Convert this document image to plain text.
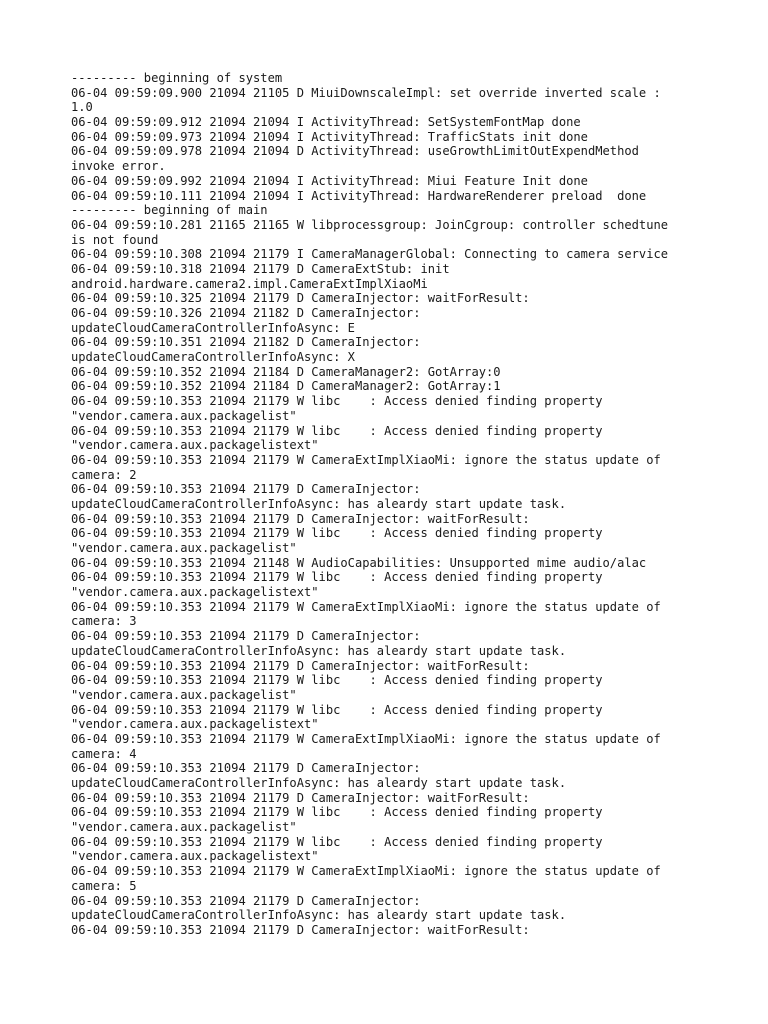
--------- beginning of system
06-04 09:59:09.900 21094 21105 D MiuiDownscaleImpl: set override inverted scale :
1.0
06-04 09:59:09.912 21094 21094 I ActivityThread: SetSystemFontMap done
06-04 09:59:09.973 21094 21094 I ActivityThread: TrafficStats init done
06-04 09:59:09.978 21094 21094 D ActivityThread: useGrowthLimitOutExpendMethod
invoke error.
06-04 09:59:09.992 21094 21094 I ActivityThread: Miui Feature Init done
06-04 09:59:10.111 21094 21094 I ActivityThread: HardwareRenderer preload  done
--------- beginning of main
06-04 09:59:10.281 21165 21165 W libprocessgroup: JoinCgroup: controller schedtune
is not found
06-04 09:59:10.308 21094 21179 I CameraManagerGlobal: Connecting to camera service
06-04 09:59:10.318 21094 21179 D CameraExtStub: init
android.hardware.camera2.impl.CameraExtImplXiaoMi
06-04 09:59:10.325 21094 21179 D CameraInjector: waitForResult:
06-04 09:59:10.326 21094 21182 D CameraInjector:
updateCloudCameraControllerInfoAsync: E
06-04 09:59:10.351 21094 21182 D CameraInjector:
updateCloudCameraControllerInfoAsync: X
06-04 09:59:10.352 21094 21184 D CameraManager2: GotArray:0
06-04 09:59:10.352 21094 21184 D CameraManager2: GotArray:1
06-04 09:59:10.353 21094 21179 W libc    : Access denied finding property
"vendor.camera.aux.packagelist"
06-04 09:59:10.353 21094 21179 W libc    : Access denied finding property
"vendor.camera.aux.packagelistext"
06-04 09:59:10.353 21094 21179 W CameraExtImplXiaoMi: ignore the status update of
camera: 2
06-04 09:59:10.353 21094 21179 D CameraInjector:
updateCloudCameraControllerInfoAsync: has aleardy start update task.
06-04 09:59:10.353 21094 21179 D CameraInjector: waitForResult:
06-04 09:59:10.353 21094 21179 W libc    : Access denied finding property
"vendor.camera.aux.packagelist"
06-04 09:59:10.353 21094 21148 W AudioCapabilities: Unsupported mime audio/alac
06-04 09:59:10.353 21094 21179 W libc    : Access denied finding property
"vendor.camera.aux.packagelistext"
06-04 09:59:10.353 21094 21179 W CameraExtImplXiaoMi: ignore the status update of
camera: 3
06-04 09:59:10.353 21094 21179 D CameraInjector:
updateCloudCameraControllerInfoAsync: has aleardy start update task.
06-04 09:59:10.353 21094 21179 D CameraInjector: waitForResult:
06-04 09:59:10.353 21094 21179 W libc    : Access denied finding property
"vendor.camera.aux.packagelist"
06-04 09:59:10.353 21094 21179 W libc    : Access denied finding property
"vendor.camera.aux.packagelistext"
06-04 09:59:10.353 21094 21179 W CameraExtImplXiaoMi: ignore the status update of
camera: 4
06-04 09:59:10.353 21094 21179 D CameraInjector:
updateCloudCameraControllerInfoAsync: has aleardy start update task.
06-04 09:59:10.353 21094 21179 D CameraInjector: waitForResult:
06-04 09:59:10.353 21094 21179 W libc    : Access denied finding property
"vendor.camera.aux.packagelist"
06-04 09:59:10.353 21094 21179 W libc    : Access denied finding property
"vendor.camera.aux.packagelistext"
06-04 09:59:10.353 21094 21179 W CameraExtImplXiaoMi: ignore the status update of
camera: 5
06-04 09:59:10.353 21094 21179 D CameraInjector:
updateCloudCameraControllerInfoAsync: has aleardy start update task.
06-04 09:59:10.353 21094 21179 D CameraInjector: waitForResult:
